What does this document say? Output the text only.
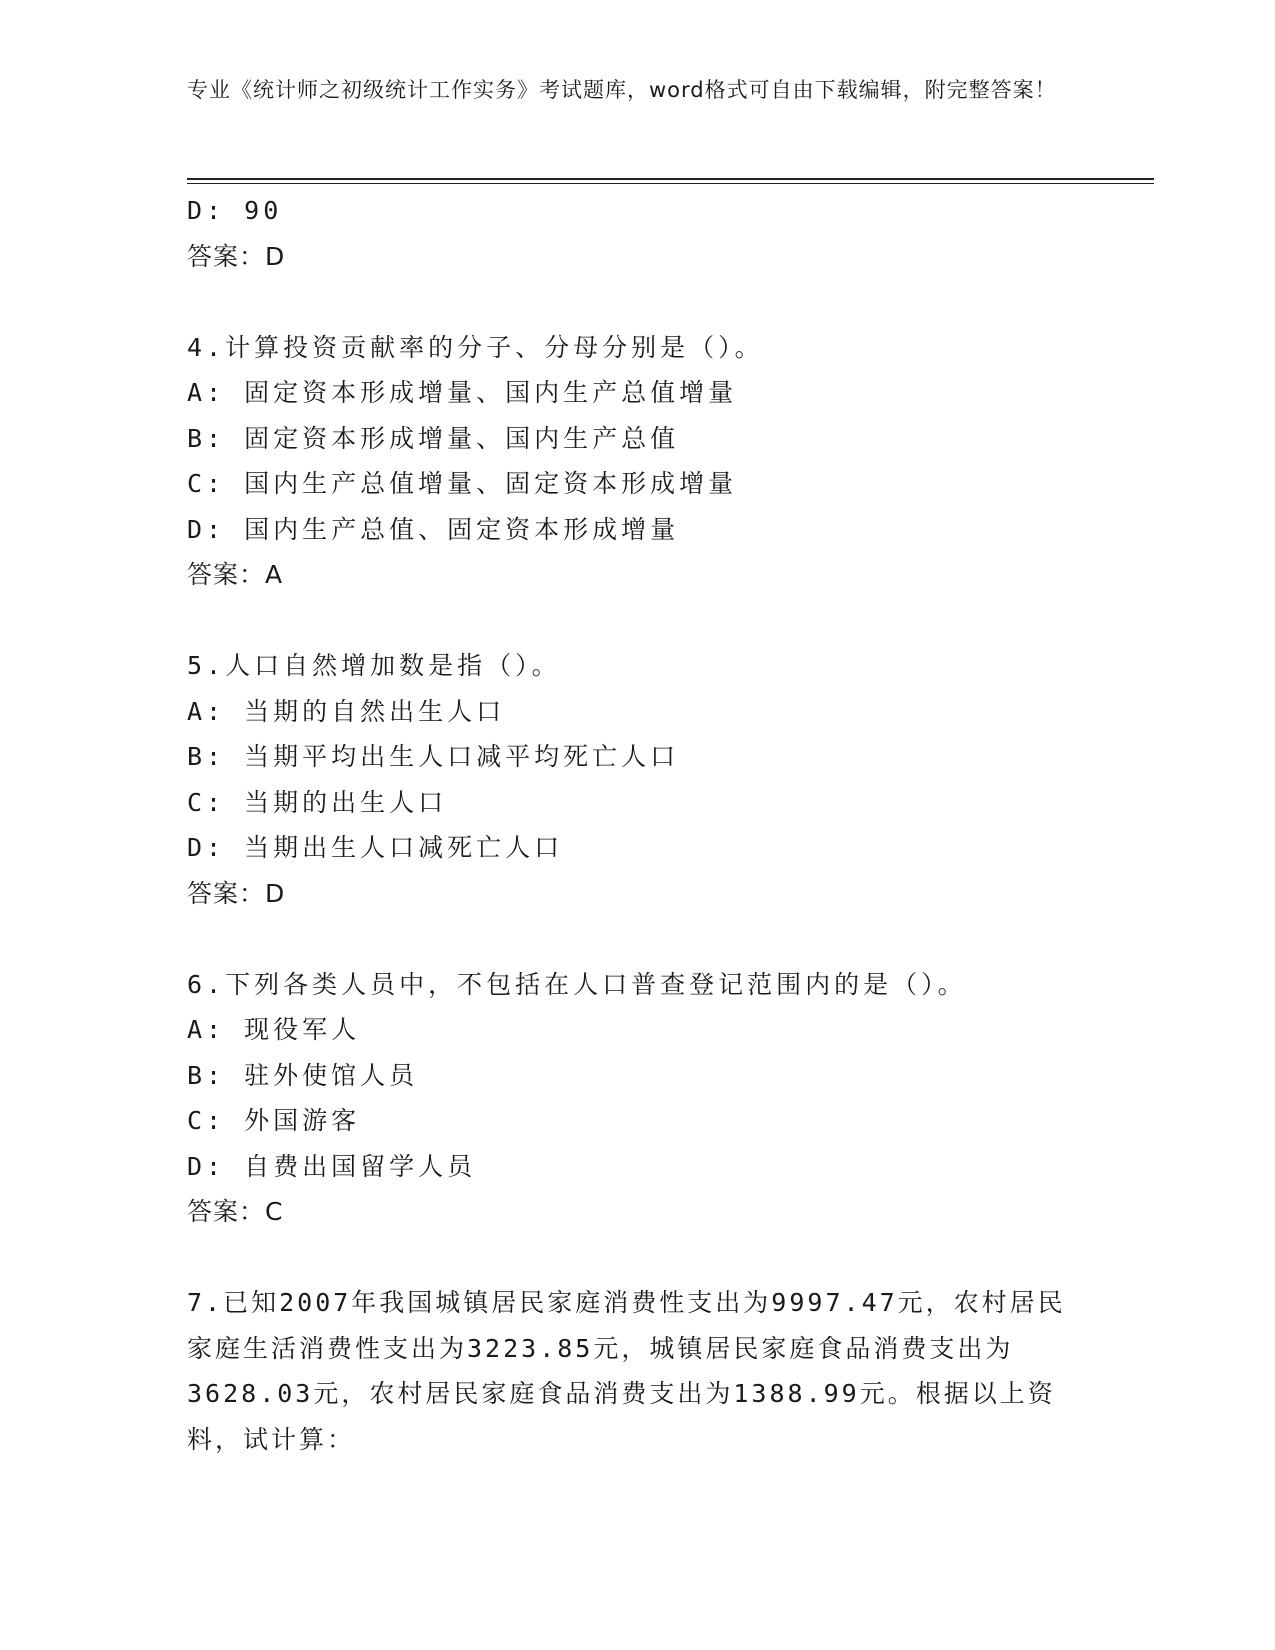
专业《统计师之初级统计工作实务》考试题库，word格式可自由下载编辑，附完整答案！
D: 90
答案：D
4.计算投资贡献率的分子、分母分别是（）。
A: 固定资本形成增量、国内生产总值增量
B: 固定资本形成增量、国内生产总值
C: 国内生产总值增量、固定资本形成增量
D: 国内生产总值、固定资本形成增量
答案：A
5.人口自然增加数是指（）。
A: 当期的自然出生人口
B: 当期平均出生人口减平均死亡人口
C: 当期的出生人口
D: 当期出生人口减死亡人口
答案：D
6.下列各类人员中，不包括在人口普查登记范围内的是（）。
A: 现役军人
B: 驻外使馆人员
C: 外国游客
D: 自费出国留学人员
答案：C
7.已知2007年我国城镇居民家庭消费性支出为9997.47元，农村居民家庭生活消费性支出为3223.85元，城镇居民家庭食品消费支出为3628.03元，农村居民家庭食品消费支出为1388.99元。根据以上资料，试计算：
